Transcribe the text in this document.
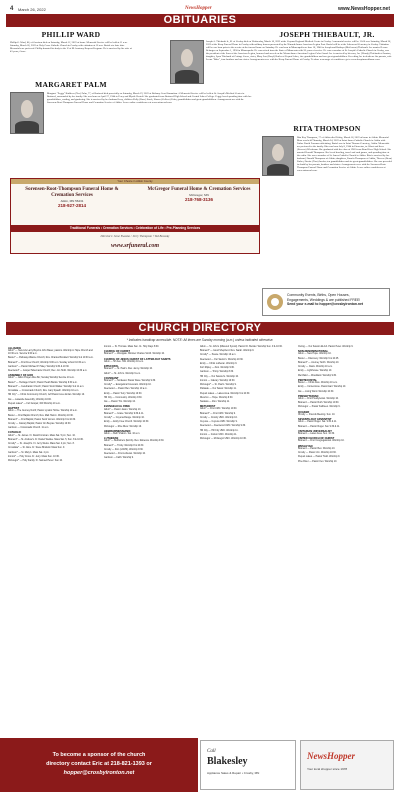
4 March 26, 2022	NewsHopper	www.NewsHopper.net
OBITUARIES
PHILLIP WARD

Phillip G. Ward, 66, of Garrison died on Saturday, March 12, 2022 at home. Memorial Service will be held at 11 a.m. Saturday, March 26, 2022 at Holy Cross Catholic Church in Crosby with visitation at 10 a.m. Burial at a later date. Memorials are preferred. Phillip donated his body to the U of M Anatomy Bequest Program. He is survived by his wife of 43 years, Grace.

MARGARET PALM

Margaret "Peggy" Kathleen (Nee) Palm, 77, of Brainerd died peacefully on Saturday, March 19, 2022 at Bethany Good Samaritan. A Memorial Service will be held at St. Joseph's Medical Center in Brainerd, surrounded by her family. She was born on April 27, 1944 to Percy and Myrtle Bertolf. She graduated from Brainerd High School and Central Lakes College. Peggy loved spending time with her grandchildren, reading, and gardening. She is survived by her husband Jerry, children Kelly (Dave) Stock, Shawn (Colleen) Palm, grandchildren and great-grandchildren. Arrangements are with the Sorensen-Root-Thompson Funeral Home and Cremation Service of Aitkin. Leave online condolences at www.srfuneral.com.

JOSEPH THIEBAULT, JR.

Joseph A. Thiebault Jr., 81 of Crosby died on Wednesday, March 16, 2022 at the Cuyuna Regional Medical Center in Crosby. A memorial service will be 11:00 a.m. Saturday, March 26, 2022 at the Koop Funeral Home in Crosby with military honors presented by the Nimrod-James American Legion Post. Burial will be at the Lakewood Cemetery in Crosby. Visitation will be one hour prior to the service at the funeral home on Saturday. He was born in Minneapolis on June 18, 1940 to Joseph and Kathryn (McGowan) Thiebault. Joe married Leona Belanger on September 1, 1958 in Minneapolis. He was retired from the State of Minnesota with 20 years of service. He was a member of St. Joseph's Catholic Church in Crosby, was the president of the Sons of the American Legion, honored and served on the Wurm-James American Legion Color Guard. Joe is survived by his sons, Joe (Wendy) Thiebault of Ironton, daughter, Lynn Thiebault of Cottage Grove, sister, Mary Lou (Daryl) Butler of Pequot Lakes, five grandchildren and two great grandchildren. Preceding Joe in death are his parents, wife Leona "Babe", four brothers and one sister. Arrangements were with the Koop Funeral Home of Crosby. To share a message of condolence go to www.koopfuneralhome.com.

RITA THOMPSON

Rita Kay Thompson, 77 of Aitkin died Friday, March 18, 2022 at home in Aitkin. Memorial Mass was held Thursday, March 24, 2022 at Saint James Catholic Church in Aitkin with Father David Forsman officiating. Burial was in Saint Thomas Cemetery, Aitkin. Memorials are preferred to the family. Rita was born July 8, 1944 in Princeton, to Albert and Irene (Stevens) Wiedeman. She graduated with the class of 1962 from Rum River High School. She married Donald Thompson. She loved bowling, travel and card games, and spending time at the cabin. She was a member of St. James Catholic Church in Aitkin. Rita is survived by her husband, Donald Thompson of Aitkin; daughters, Pamela Thompson of Aitkin, Theresa (Dean) Parker, Denise (Tom) Jacobs; ten grandchildren and six great-grandchildren. She was preceded in death by her parents, brothers and sisters. Arrangements were with the Sorensen-Root-Thompson Funeral Home and Cremation Service of Aitkin. Leave online condolences at www.srfuneral.com.

Your Choice in Aitkin County
Sorensen-Root-Thompson Funeral Home & Cremation Services
Aitkin, MN 56431
218-927-2814
McGregor Funeral Home & Cremation Services
McGregor, MN
218-768-3136
Traditional Funerals • Cremation Services • Celebration of Life • Pre-Planning Services
Directors: Jesse Ewasko / Jerry Thompson • Ted Bocasky
www.srfuneral.com
Community Events, Births, Open Houses,
Engagements, Weddings & are published FREE!
Send your e-mail to hopper@crosbyironton.net
CHURCH DIRECTORY
* Indicates handicap accessible. NOTE: All times are Sunday morning (a.m.) unless indicated otherwise.
ALLIANCE

Aitkin* — New Life Larry Boyd & John Bauer, pastors. Worship in Hope Church and 10:30 a.m. Service 9:00 a.m.

Baxter* — Parkway Alliance Church; Rev. Charles Bordwell. Worship 9 & 10:30 a.m.

Brainerd* — First Free Church; Worship 9:00 a.m. Sunday school 10:30 a.m.

Garrison* — Pastor Michael P. Haley. Worship 9:30 & 10:30.

Deerwood* — Gospel Tabernacle Church; Rev. Jon Holtz. Worship 10:30 a.m.

ASSEMBLY OF GOD

Aitkin* — Aitkin Prayer Alive Bo; Sunday Worship Service 10 a.m.

Baxter* — Heritage Church; Pastor Heath Banks. Worship 9:30 a.m.

Brainerd* — Celebration Church; Pastor Scott Walker. Worship 9 & 11 a.m.

Crosslake — Crossroads Church; Rev. Gary Spaeth. Worship 10 a.m.

Hill City* — Christ Community Church; Jeff Pastor Lisa Jordan. Worship 10.

Isle — Lakeside Assembly; Worship 10:00.

Pequot Lakes* — Full Gospel; 320 Worship 10 a.m.

BAPTIST

Aitkin — The Journey North; Pastor Lyndon Holme. Worship 10 a.m.

Baxter — First Baptist Church; Rev. Matt Hamm. Worship 10:30.

Brainerd* — First Baptist; Pastor Scott Vernon. Worship 9 & 10:30.

Crosby — Calvary Baptist; Pastor Jim Beyrau. Worship 10:30.

Garrison — Crossroads Church. 11 a.m.

CATHOLIC

Aitkin* — St. James. Fr. David Forsman. Mass Sat. 5 pm; Sun. 10.

Brainerd* — St. Andrew's. Fr. Daniel Weiske. Mass Sat. 5, Sun. 8 & 10:30.

Crosby* — St. Joseph's. Fr. Jerry Weiss. Mass Sat. 4 pm; Sun. 8.

Crosslake* — St. Alice. Fr. Steve Binsfeld. Mass Sun. 9.

Garrison* — St. Mary's. Mass Sat. 4 pm.

Ironton* — Holy Cross. Fr. Jerry. Mass Sun. 10:30.

McGregor* — Holy Family. Fr. Samuel Perez. Sun 10.

Ironton — St. Thomas. Mass Sun. 11. Holy Days 8:30.

CHURCH OF CHRIST

Brainerd* — Westgate. Minister Charles Smith. Worship 10.

CHURCH OF JESUS CHRIST OF LATTER-DAY SAINTS

Aitkin — 5th Ave. NW. Worship 10 a.m.

EPISCOPAL

Brainerd* — St. Paul's. Rev. Jenny. Worship 10.

Aitkin* — St. John's. Worship 9 a.m.

COVENANT

Brainerd* — Nordeast. Pastor Dave. Worship 9:30.

Crosby* — Evangelical Covenant. Worship 10.

Deerwood — Pastor Ben. Worship 10 a.m.

Emily — Pastor Terry. Worship 10:30.

Hill City — Community. Worship 9:30.

Isle — Pastor Tim. Worship 10.

EVANGELICAL FREE

Aitkin* — Pastor Jason. Worship 10.

Brainerd* — Grace. Worship 9:30 & 11.

Crosby* — Cuyuna Range. Worship 10.

Emily — Emily Free Church. Worship 10:30.

McGregor — Rice River. Worship 10.

HEBREW/MESSIANIC

Aitkin — Beth Shalom. Sat. 10 a.m.

LUTHERAN

Aitkin* — Bethlehem (ELCA). Rev. Rebecca. Worship 9:30.

Brainerd* — Trinity. Worship 8 & 10:30.

Crosby — Zion (LCMS). Worship 9:30.

Deerwood — First Lutheran. Worship 10.

Garrison — Faith. Worship 9.

Aitkin — St. John's (Missouri Synod). Pastor Dr. Bentler. Worship Sun. 9 & 10:30.

Brainerd* — Good Shepherd. Rev. Sarah. Worship 9.

Crosby* — Peace. Worship 10 a.m.

Deerwood — Our Savior's. Worship 10:30.

Emily — Christ Lutheran. Worship 9.

Fort Ripley — Zion. Worship 9:30.

Garrison — Trinity. Worship 8:30.

Hill City — Our Saviour's. Worship 10.

Ironton — Calvary. Worship 10:30.

McGregor* — St. Paul's. Worship 9.

Palisade — Our Savior. Worship 11.

Pequot Lakes — Lakes Area. Worship 9 & 10:30.

Riverton — Hope. Worship 9:30.

Swatara — Zion. Worship 11.

METHODIST

Aitkin* — First UMC. Worship 10:30.

Brainerd* — First UMC. Worship 9.

Crosby — Crosby UMC. Worship 10.

Cuyuna — Cuyuna UMC. Worship 9.

Deerwood — Deerwood UMC. Worship 9:30.

Hill City — Hill City UMC. Worship 11.

Ironton — Ironton UMC. Worship 11.

McGregor — McGregor UMC. Worship 10:30.

Outing — Our Saviors ELCA. Pastor Peter. Worship 9.

NON-DENOMINATIONAL

Aitkin — New Hope. Worship 10.

Baxter — Discovery. Worship 9 & 10:45.

Brainerd* — Journey North. Worship 10.

Crosby — Oasis. Worship 10 a.m.

Emily — Lighthouse. Worship 10.

Merrifield — Woodland. Worship 9:30.

PENTECOSTAL

Baxter — Christ Alive. Worship 10 a.m.

Emily — Cornerstone. Pastor Earl. Worship 10.

Isle — Living Word. Worship 10:30.

PRESBYTERIAN

Aitkin — First Presbyterian. Worship 10.

Brainerd — Pastor Ruth. Worship 10:30.

McGregor — Pastor Kathleen. Worship 9.

QUAKER

Crosby — Friends Meeting. Sun. 10.

SEVENTH-DAY ADVENTIST

Aitkin — Pastor Roger. Sat. 9:30 & 11.

Brainerd — Pastor Roger. Sat. 9:30 & 11.

UNITARIAN UNIVERSALIST

Brainerd — Lakes Area. Sun. 10:30.

UNITED CHURCH OF CHRIST

Brainerd — First Congregational. Worship 10.

WESLEYAN

Brainerd — Pastor Ben. Worship 10.

Crosby — Pastor Jim. Worship 10:30.

Pequot Lakes — Pastor Todd. Worship 9.

Pine River — Pastor Ken. Worship 10.

To become a sponsor of the church
directory contact Eric at 218-821-1393 or
hopper@crosbyironton.net
Call
Blakesley
Appliance Sales & Repair • Crosby, MN
NewsHopper
Your local shopper since 1978
